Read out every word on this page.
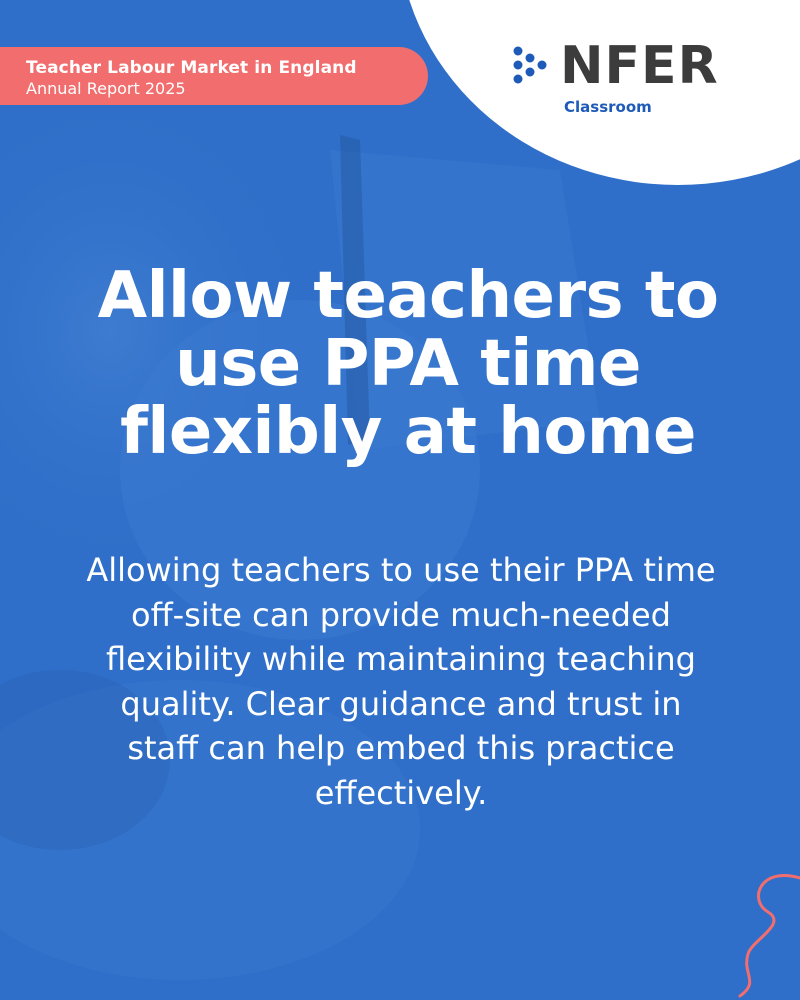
Teacher Labour Market in England
Annual Report 2025	NFER
Classroom
Allow teachers to use PPA time flexibly at home

Allowing teachers to use their PPA time off-site can provide much-needed flexibility while maintaining teaching quality. Clear guidance and trust in staff can help embed this practice effectively.
